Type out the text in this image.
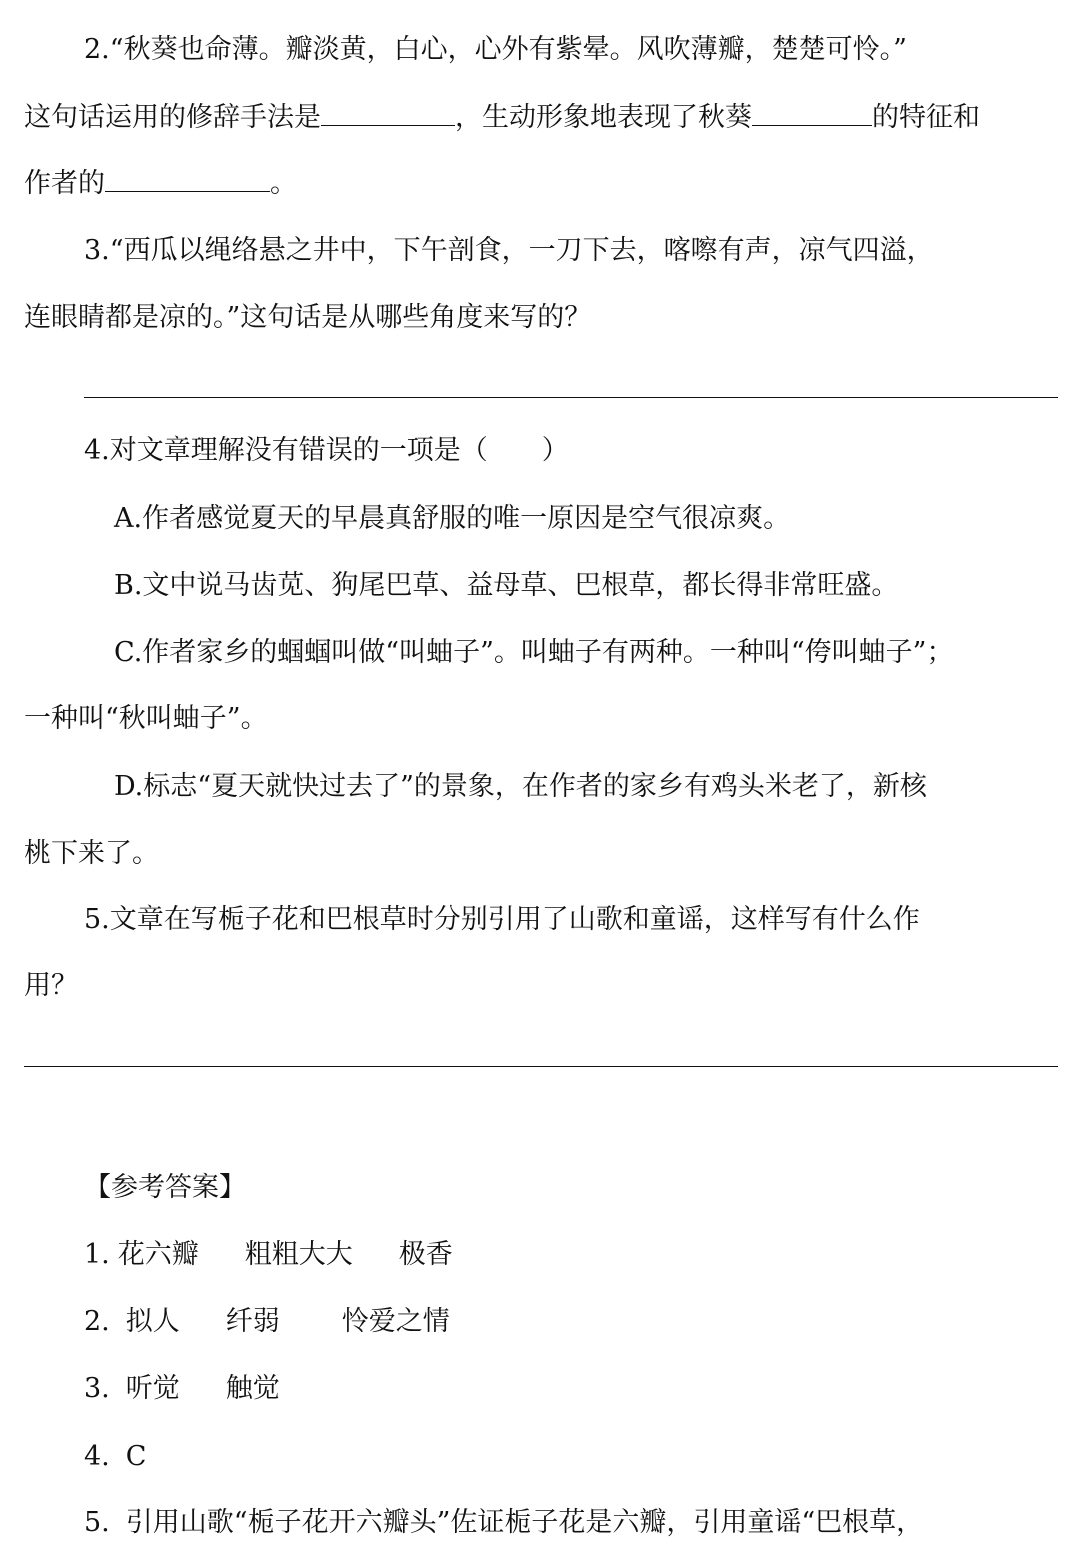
2.“秋葵也命薄。瓣淡黄，白心，心外有紫晕。风吹薄瓣，楚楚可怜。”
这句话运用的修辞手法是	，生动形象地表现了秋葵	的特征和
作者的	。
3.“西瓜以绳络悬之井中，下午剖食，一刀下去，喀嚓有声，凉气四溢，
连眼睛都是凉的。”这句话是从哪些角度来写的？
4.对文章理解没有错误的一项是（　　）
A.作者感觉夏天的早晨真舒服的唯一原因是空气很凉爽。
B.文中说马齿苋、狗尾巴草、益母草、巴根草，都长得非常旺盛。
C.作者家乡的蝈蝈叫做“叫蚰子”。叫蚰子有两种。一种叫“侉叫蚰子”；
一种叫“秋叫蚰子”。
D.标志“夏天就快过去了”的景象，在作者的家乡有鸡头米老了，新核
桃下来了。
5.文章在写栀子花和巴根草时分别引用了山歌和童谣，这样写有什么作
用？
【参考答案】
1. 花六瓣 粗粗大大 极香
2. 拟人 纤弱 怜爱之情
3. 听觉 触觉
4. C
5. 引用山歌“栀子花开六瓣头”佐证栀子花是六瓣，引用童谣“巴根草，
